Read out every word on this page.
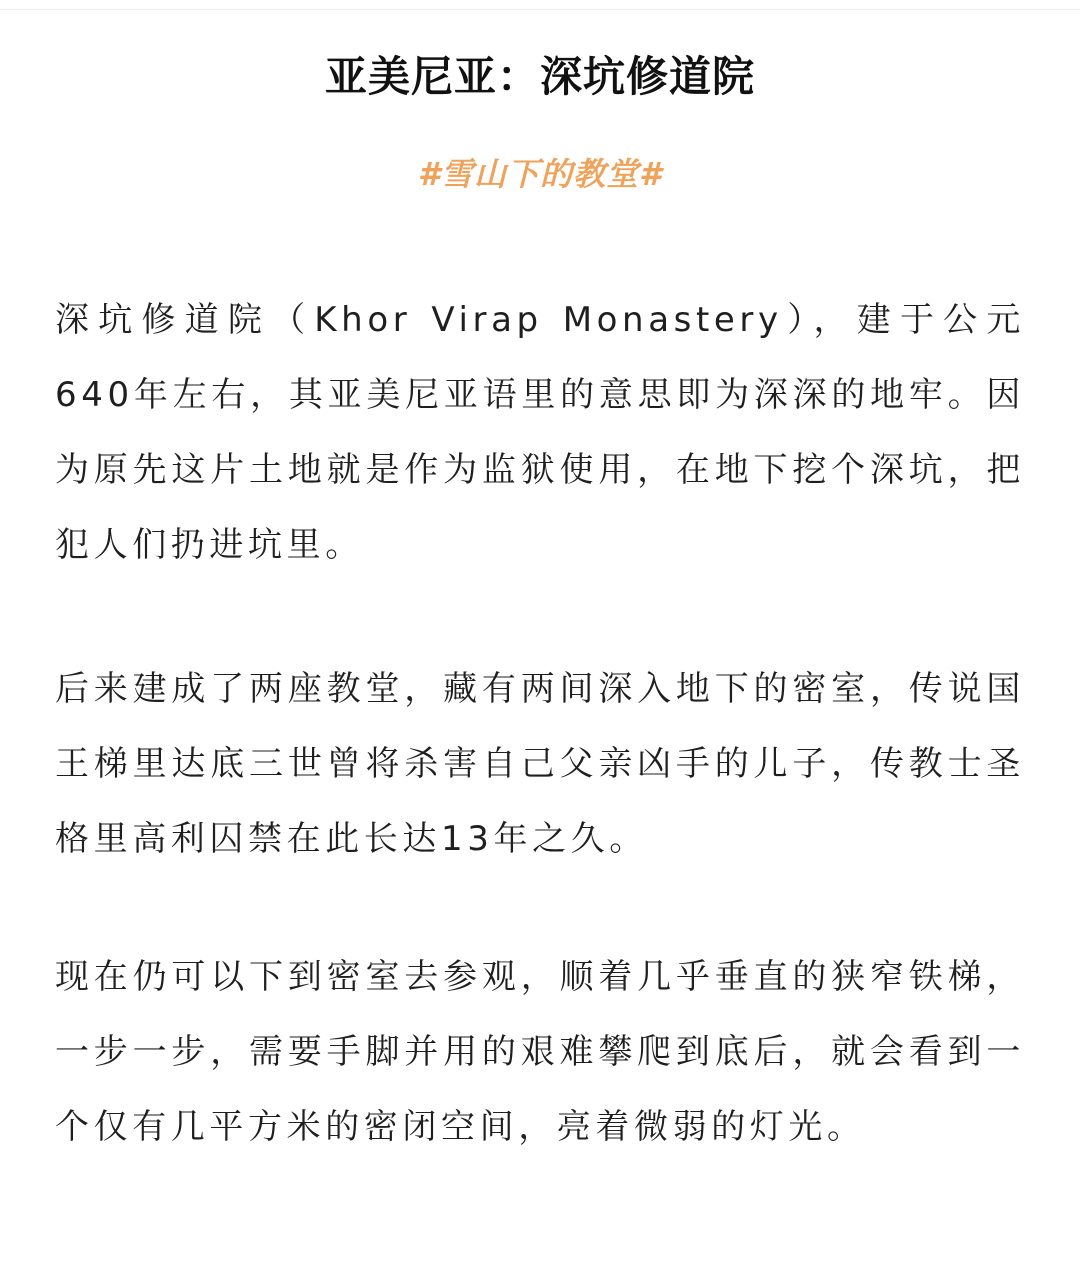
亚美尼亚：深坑修道院
#雪山下的教堂#

深坑修道院（Khor Virap Monastery），建于公元640年左右，其亚美尼亚语里的意思即为深深的地牢。因为原先这片土地就是作为监狱使用，在地下挖个深坑，把犯人们扔进坑里。

后来建成了两座教堂，藏有两间深入地下的密室，传说国王梯里达底三世曾将杀害自己父亲凶手的儿子，传教士圣格里高利囚禁在此长达13年之久。

现在仍可以下到密室去参观，顺着几乎垂直的狭窄铁梯，一步一步，需要手脚并用的艰难攀爬到底后，就会看到一个仅有几平方米的密闭空间，亮着微弱的灯光。
